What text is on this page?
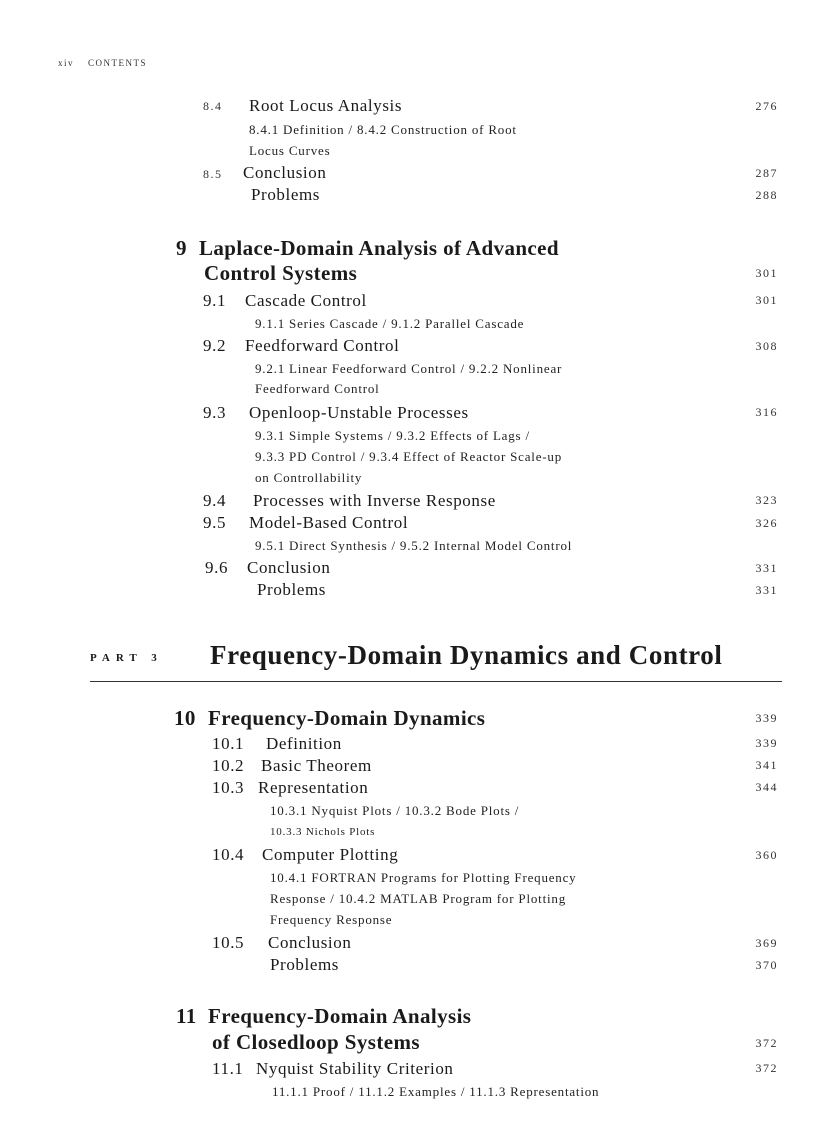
xiv CONTENTS
8.4 Root Locus Analysis	276
8.4.1 Definition / 8.4.2 Construction of Root
Locus Curves
8.5 Conclusion	287
Problems	288
9 Laplace-Domain Analysis of Advanced
Control Systems	301
9.1 Cascade Control	301
9.1.1 Series Cascade / 9.1.2 Parallel Cascade
9.2 Feedforward Control	308
9.2.1 Linear Feedforward Control / 9.2.2 Nonlinear
Feedforward Control
9.3 Openloop-Unstable Processes	316
9.3.1 Simple Systems / 9.3.2 Effects of Lags /
9.3.3 PD Control / 9.3.4 Effect of Reactor Scale-up
on Controllability
9.4 Processes with Inverse Response	323
9.5 Model-Based Control	326
9.5.1 Direct Synthesis / 9.5.2 Internal Model Control
9.6 Conclusion	331
Problems	331
PART 3 Frequency-Domain Dynamics and Control
10 Frequency-Domain Dynamics	339
10.1 Definition	339
10.2 Basic Theorem	341
10.3 Representation	344
10.3.1 Nyquist Plots / 10.3.2 Bode Plots /
10.3.3 Nichols Plots
10.4 Computer Plotting	360
10.4.1 FORTRAN Programs for Plotting Frequency
Response / 10.4.2 MATLAB Program for Plotting
Frequency Response
10.5 Conclusion	369
Problems	370
11 Frequency-Domain Analysis
of Closedloop Systems	372
11.1 Nyquist Stability Criterion	372
11.1.1 Proof / 11.1.2 Examples / 11.1.3 Representation
